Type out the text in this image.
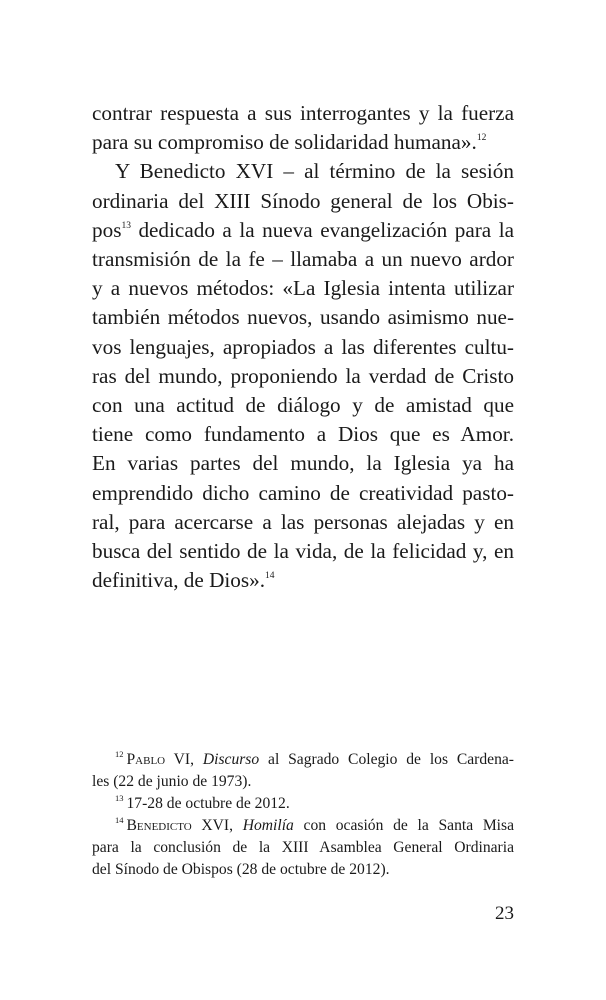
contrar respuesta a sus interrogantes y la fuerza
para su compromiso de solidaridad humana».$^{12}$

Y Benedicto XVI – al término de la sesión
ordinaria del XIII Sínodo general de los Obis-
pos$^{13}$ dedicado a la nueva evangelización para la
transmisión de la fe – llamaba a un nuevo ardor
y a nuevos métodos: «La Iglesia intenta utilizar
también métodos nuevos, usando asimismo nue-
vos lenguajes, apropiados a las diferentes cultu-
ras del mundo, proponiendo la verdad de Cristo
con una actitud de diálogo y de amistad que
tiene como fundamento a Dios que es Amor.
En varias partes del mundo, la Iglesia ya ha
emprendido dicho camino de creatividad pasto-
ral, para acercarse a las personas alejadas y en
busca del sentido de la vida, de la felicidad y, en
definitiva, de Dios».$^{14}$

$^{12}$ Pablo VI, Discurso al Sagrado Colegio de los Cardena-
les (22 de junio de 1973).
$^{13}$ 17-28 de octubre de 2012.
$^{14}$ Benedicto XVI, Homilía con ocasión de la Santa Misa
para la conclusión de la XIII Asamblea General Ordinaria
del Sínodo de Obispos (28 de octubre de 2012).
23
